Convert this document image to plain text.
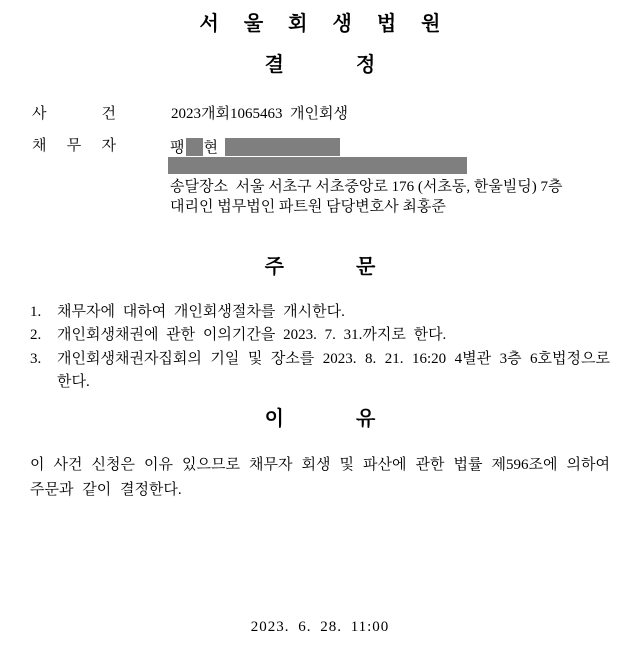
서 울 회 생 법 원
결	정
사	건	2023개회1065463  개인회생
채 무 자	팽 현
송달장소  서울 서초구 서초중앙로 176 (서초동, 한울빌딩) 7층
대리인 법무법인 파트원 담당변호사 최홍준
주	문
1. 채무자에 대하여 개인회생절차를 개시한다.
2. 개인회생채권에 관한 이의기간을 2023. 7. 31.까지로 한다.
3. 개인회생채권자집회의 기일 및 장소를 2023. 8. 21. 16:20 4별관 3층 6호법정으로 한다.
이	유
이 사건 신청은 이유 있으므로 채무자 회생 및 파산에 관한 법률 제596조에 의하여 주문과 같이 결정한다.
2023. 6. 28. 11:00
